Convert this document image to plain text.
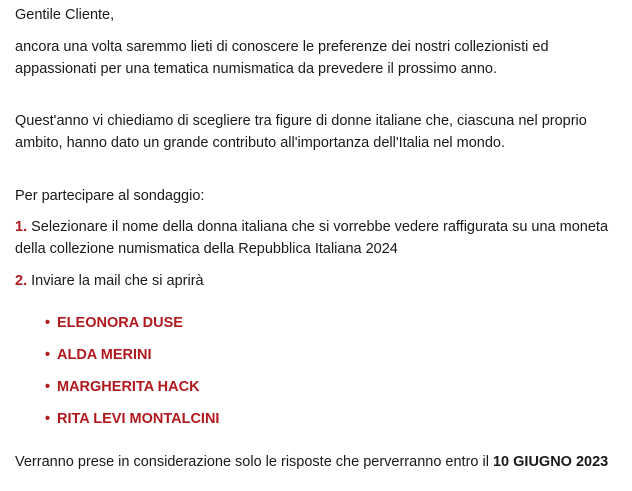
Gentile Cliente,

ancora una volta saremmo lieti di conoscere le preferenze dei nostri collezionisti ed appassionati per una tematica numismatica da prevedere il prossimo anno.

Quest'anno vi chiediamo di scegliere tra figure di donne italiane che, ciascuna nel proprio ambito, hanno dato un grande contributo all'importanza dell'Italia nel mondo.

Per partecipare al sondaggio:

1. Selezionare il nome della donna italiana che si vorrebbe vedere raffigurata su una moneta della collezione numismatica della Repubblica Italiana 2024

2. Inviare la mail che si aprirà

• ELEONORA DUSE

• ALDA MERINI

• MARGHERITA HACK

• RITA LEVI MONTALCINI

Verranno prese in considerazione solo le risposte che perverranno entro il 10 GIUGNO 2023
